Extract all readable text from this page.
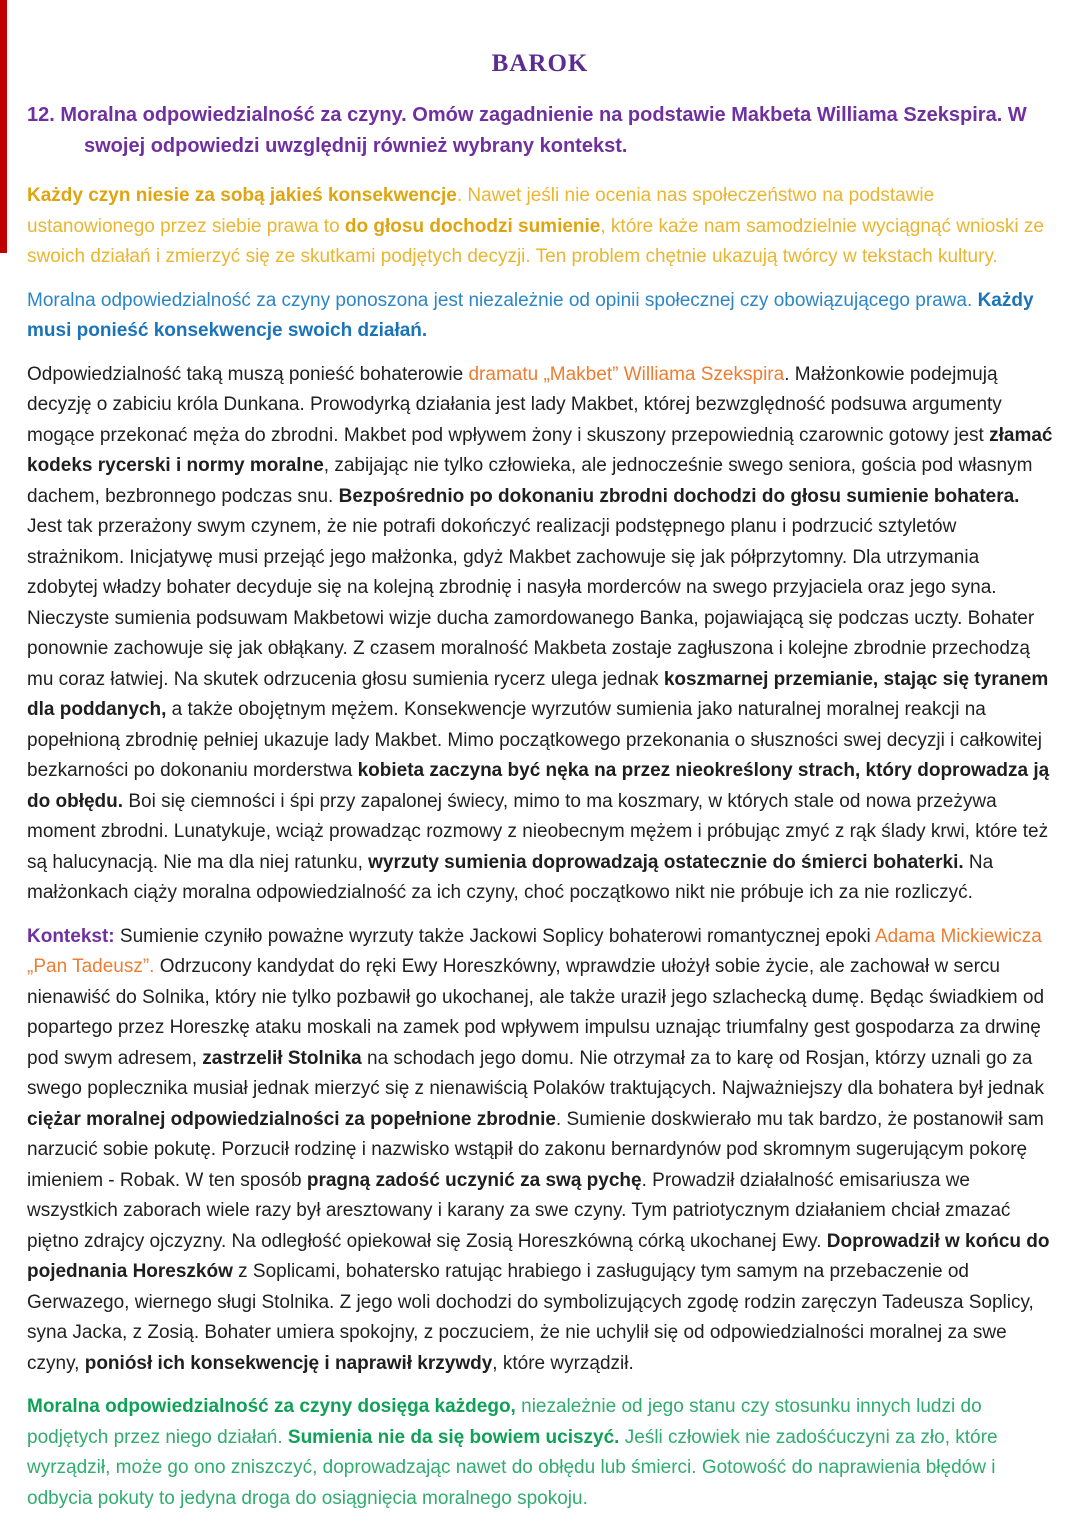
BAROK
12. Moralna odpowiedzialność za czyny. Omów zagadnienie na podstawie Makbeta Williama Szekspira. W swojej odpowiedzi uwzględnij również wybrany kontekst.

Każdy czyn niesie za sobą jakieś konsekwencje. Nawet jeśli nie ocenia nas społeczeństwo na podstawie ustanowionego przez siebie prawa to do głosu dochodzi sumienie, które każe nam samodzielnie wyciągnąć wnioski ze swoich działań i zmierzyć się ze skutkami podjętych decyzji. Ten problem chętnie ukazują twórcy w tekstach kultury.

Moralna odpowiedzialność za czyny ponoszona jest niezależnie od opinii społecznej czy obowiązującego prawa. Każdy musi ponieść konsekwencje swoich działań.

Odpowiedzialność taką muszą ponieść bohaterowie dramatu „Makbet” Williama Szekspira. Małżonkowie podejmują decyzję o zabiciu króla Dunkana. Prowodyrką działania jest lady Makbet, której bezwzględność podsuwa argumenty mogące przekonać męża do zbrodni. Makbet pod wpływem żony i skuszony przepowiednią czarownic gotowy jest złamać kodeks rycerski i normy moralne, zabijając nie tylko człowieka, ale jednocześnie swego seniora, gościa pod własnym dachem, bezbronnego podczas snu. Bezpośrednio po dokonaniu zbrodni dochodzi do głosu sumienie bohatera. Jest tak przerażony swym czynem, że nie potrafi dokończyć realizacji podstępnego planu i podrzucić sztyletów strażnikom. Inicjatywę musi przejąć jego małżonka, gdyż Makbet zachowuje się jak półprzytomny. Dla utrzymania zdobytej władzy bohater decyduje się na kolejną zbrodnię i nasyła morderców na swego przyjaciela oraz jego syna. Nieczyste sumienia podsuwam Makbetowi wizje ducha zamordowanego Banka, pojawiającą się podczas uczty. Bohater ponownie zachowuje się jak obłąkany. Z czasem moralność Makbeta zostaje zagłuszona i kolejne zbrodnie przechodzą mu coraz łatwiej. Na skutek odrzucenia głosu sumienia rycerz ulega jednak koszmarnej przemianie, stając się tyranem dla poddanych, a także obojętnym mężem. Konsekwencje wyrzutów sumienia jako naturalnej moralnej reakcji na popełnioną zbrodnię pełniej ukazuje lady Makbet. Mimo początkowego przekonania o słuszności swej decyzji i całkowitej bezkarności po dokonaniu morderstwa kobieta zaczyna być nęka na przez nieokreślony strach, który doprowadza ją do obłędu. Boi się ciemności i śpi przy zapalonej świecy, mimo to ma koszmary, w których stale od nowa przeżywa moment zbrodni. Lunatykuje, wciąż prowadząc rozmowy z nieobecnym mężem i próbując zmyć z rąk ślady krwi, które też są halucynacją. Nie ma dla niej ratunku, wyrzuty sumienia doprowadzają ostatecznie do śmierci bohaterki. Na małżonkach ciąży moralna odpowiedzialność za ich czyny, choć początkowo nikt nie próbuje ich za nie rozliczyć.

Kontekst: Sumienie czyniło poważne wyrzuty także Jackowi Soplicy bohaterowi romantycznej epoki Adama Mickiewicza „Pan Tadeusz”. Odrzucony kandydat do ręki Ewy Horeszkówny, wprawdzie ułożył sobie życie, ale zachował w sercu nienawiść do Solnika, który nie tylko pozbawił go ukochanej, ale także uraził jego szlachecką dumę. Będąc świadkiem od popartego przez Horeszkę ataku moskali na zamek pod wpływem impulsu uznając triumfalny gest gospodarza za drwinę pod swym adresem, zastrzelił Stolnika na schodach jego domu. Nie otrzymał za to karę od Rosjan, którzy uznali go za swego poplecznika musiał jednak mierzyć się z nienawiścią Polaków traktujących. Najważniejszy dla bohatera był jednak ciężar moralnej odpowiedzialności za popełnione zbrodnie. Sumienie doskwierało mu tak bardzo, że postanowił sam narzucić sobie pokutę. Porzucił rodzinę i nazwisko wstąpił do zakonu bernardynów pod skromnym sugerującym pokorę imieniem - Robak. W ten sposób pragną zadość uczynić za swą pychę. Prowadził działalność emisariusza we wszystkich zaborach wiele razy był aresztowany i karany za swe czyny. Tym patriotycznym działaniem chciał zmazać piętno zdrajcy ojczyzny. Na odległość opiekował się Zosią Horeszkówną córką ukochanej Ewy. Doprowadził w końcu do pojednania Horeszków z Soplicami, bohatersko ratując hrabiego i zasługujący tym samym na przebaczenie od Gerwazego, wiernego sługi Stolnika. Z jego woli dochodzi do symbolizujących zgodę rodzin zaręczyn Tadeusza Soplicy, syna Jacka, z Zosią. Bohater umiera spokojny, z poczuciem, że nie uchylił się od odpowiedzialności moralnej za swe czyny, poniósł ich konsekwencję i naprawił krzywdy, które wyrządził.

Moralna odpowiedzialność za czyny dosięga każdego, niezależnie od jego stanu czy stosunku innych ludzi do podjętych przez niego działań. Sumienia nie da się bowiem uciszyć. Jeśli człowiek nie zadośćuczyni za zło, które wyrządził, może go ono zniszczyć, doprowadzając nawet do obłędu lub śmierci. Gotowość do naprawienia błędów i odbycia pokuty to jedyna droga do osiągnięcia moralnego spokoju.
